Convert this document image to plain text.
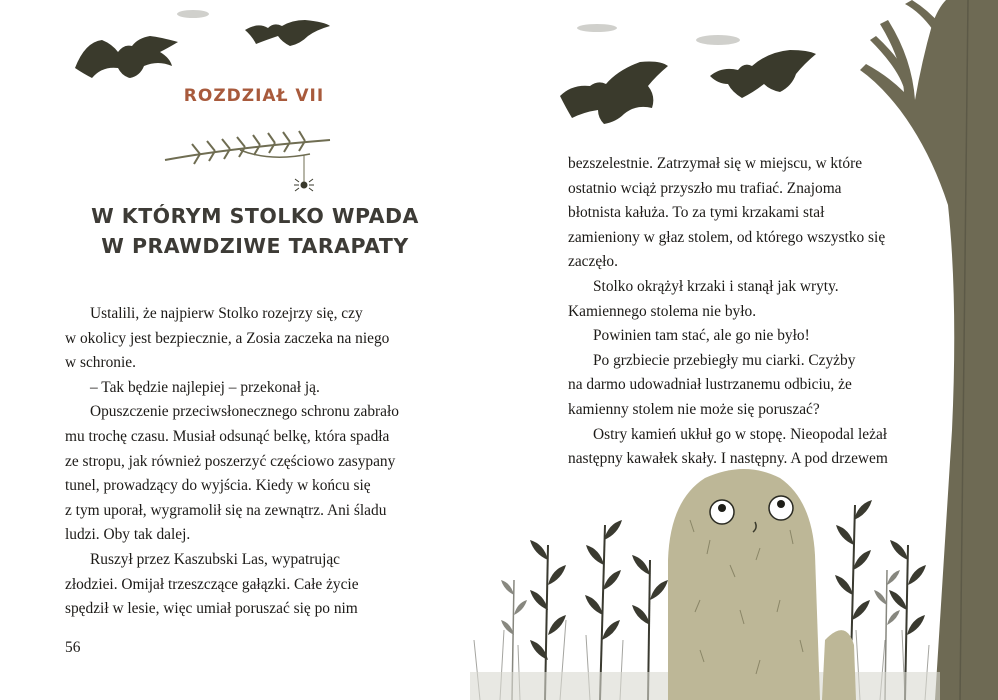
ROZDZIAŁ VII
W KTÓRYM STOLKO WPADA
W PRAWDZIWE TARAPATY
Ustalili, że najpierw Stolko rozejrzy się, czy
w okolicy jest bezpiecznie, a Zosia zaczeka na niego
w schronie.
– Tak będzie najlepiej – przekonał ją.
Opuszczenie przeciwsłonecznego schronu zabrało
mu trochę czasu. Musiał odsunąć belkę, która spadła
ze stropu, jak również poszerzyć częściowo zasypany
tunel, prowadzący do wyjścia. Kiedy w końcu się
z tym uporał, wygramolił się na zewnątrz. Ani śladu
ludzi. Oby tak dalej.
Ruszył przez Kaszubski Las, wypatrując
złodziei. Omijał trzeszczące gałązki. Całe życie
spędził w lesie, więc umiał poruszać się po nim
56
bezszelestnie. Zatrzymał się w miejscu, w które
ostatnio wciąż przyszło mu trafiać. Znajoma
błotnista kałuża. To za tymi krzakami stał
zamieniony w głaz stolem, od którego wszystko się
zaczęło.
Stolko okrążył krzaki i stanął jak wryty.
Kamiennego stolema nie było.
Powinien tam stać, ale go nie było!
Po grzbiecie przebiegły mu ciarki. Czyżby
na darmo udowadniał lustrzanemu odbiciu, że
kamienny stolem nie może się poruszać?
Ostry kamień ukłuł go w stopę. Nieopodal leżał
następny kawałek skały. I następny. A pod drzewem
